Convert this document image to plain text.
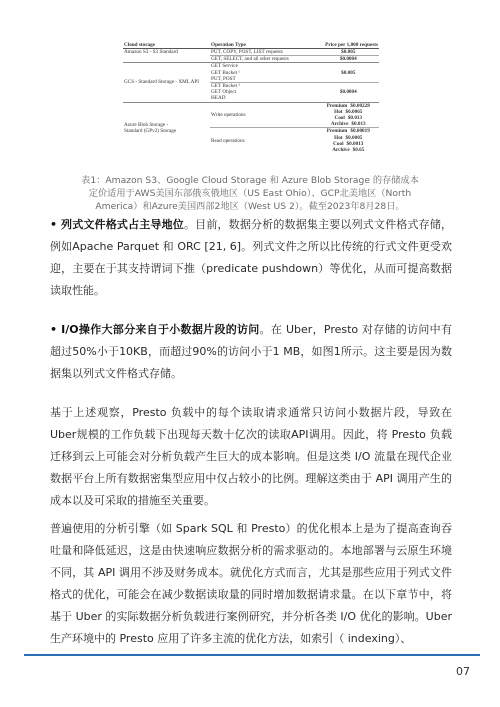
Cloud storage	Operation Type	Price per 1,000 requests
Amazon S3 - S3 Standard	PUT, COPY, POST, LIST requests	$0.005
	GET, SELECT, and all other requests	$0.0004
GCS - Standard Storage - XML API	GET Service	$0.005
	GET Bucket ¹	
	PUT, POST	
	GET Bucket ²	$0.0004
	GET Object	
	HEAD	

Azure Blob Storage -
Standard (GPv2) Storage	Write operations	Premium $0.00228
		Hot $0.0065
		Cool $0.013
		Archive $0.013
	Read operations	Premium $0.00019
		Hot $0.0005
		Cool $0.0013
		Archive $0.65
表1：Amazon S3、Google Cloud Storage 和 Azure Blob Storage 的存储成本定价适用于AWS美国东部俄亥俄地区（US East Ohio）、GCP北美地区（North America）和Azure美国西部2地区（West US 2）。截至2023年8月28日。

• 列式文件格式占主导地位。目前，数据分析的数据集主要以列式文件格式存储，例如Apache Parquet 和 ORC [21, 6]。列式文件之所以比传统的行式文件更受欢迎，主要在于其支持谓词下推（predicate pushdown）等优化，从而可提高数据读取性能。

• I/O操作大部分来自于小数据片段的访问。在 Uber，Presto 对存储的访问中有超过50%小于10KB，而超过90%的访问小于1 MB，如图1所示。这主要是因为数据集以列式文件格式存储。

基于上述观察，Presto 负载中的每个读取请求通常只访问小数据片段，导致在Uber规模的工作负载下出现每天数十亿次的读取API调用。因此，将 Presto 负载迁移到云上可能会对分析负载产生巨大的成本影响。但是这类 I/O 流量在现代企业数据平台上所有数据密集型应用中仅占较小的比例。理解这类由于 API 调用产生的成本以及可采取的措施至关重要。

普遍使用的分析引擎（如 Spark SQL 和 Presto）的优化根本上是为了提高查询吞吐量和降低延迟，这是由快速响应数据分析的需求驱动的。本地部署与云原生环境不同，其 API 调用不涉及财务成本。就优化方式而言，尤其是那些应用于列式文件格式的优化，可能会在减少数据读取量的同时增加数据请求量。在以下章节中，将基于 Uber 的实际数据分析负载进行案例研究，并分析各类 I/O 优化的影响。Uber 生产环境中的 Presto 应用了许多主流的优化方法，如索引（ indexing）、

07
